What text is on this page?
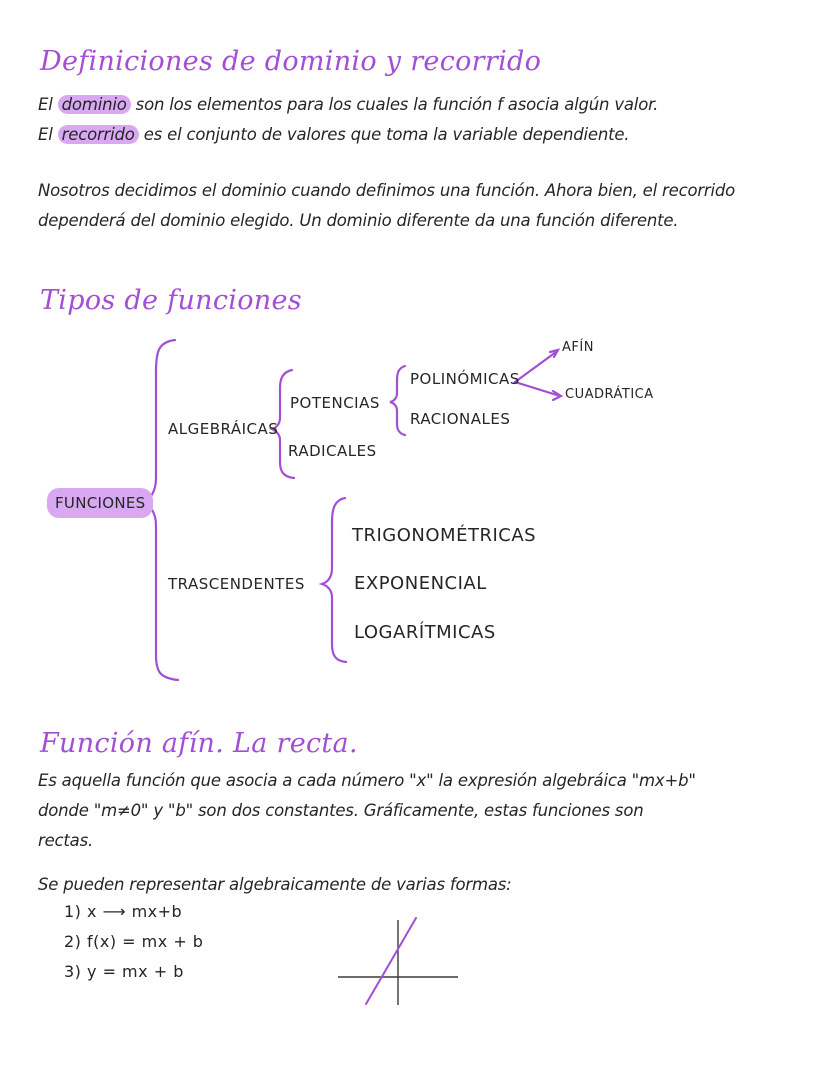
Definiciones de dominio y recorrido
El dominio son los elementos para los cuales la función f asocia algún valor.
El recorrido es el conjunto de valores que toma la variable dependiente.
Nosotros decidimos el dominio cuando definimos una función. Ahora bien, el recorrido
dependerá del dominio elegido. Un dominio diferente da una función diferente.
Tipos de funciones
FUNCIONES
ALGEBRÁICAS
POTENCIAS
RADICALES
POLINÓMICAS
RACIONALES
AFÍN
CUADRÁTICA
TRASCENDENTES
TRIGONOMÉTRICAS
EXPONENCIAL
LOGARÍTMICAS
Función afín. La recta.
Es aquella función que asocia a cada número "x" la expresión algebráica "mx+b"
donde "m≠0" y "b" son dos constantes. Gráficamente, estas funciones son
rectas.
Se pueden representar algebraicamente de varias formas:
1) x ⟶ mx+b
2) f(x) = mx + b
3) y = mx + b
